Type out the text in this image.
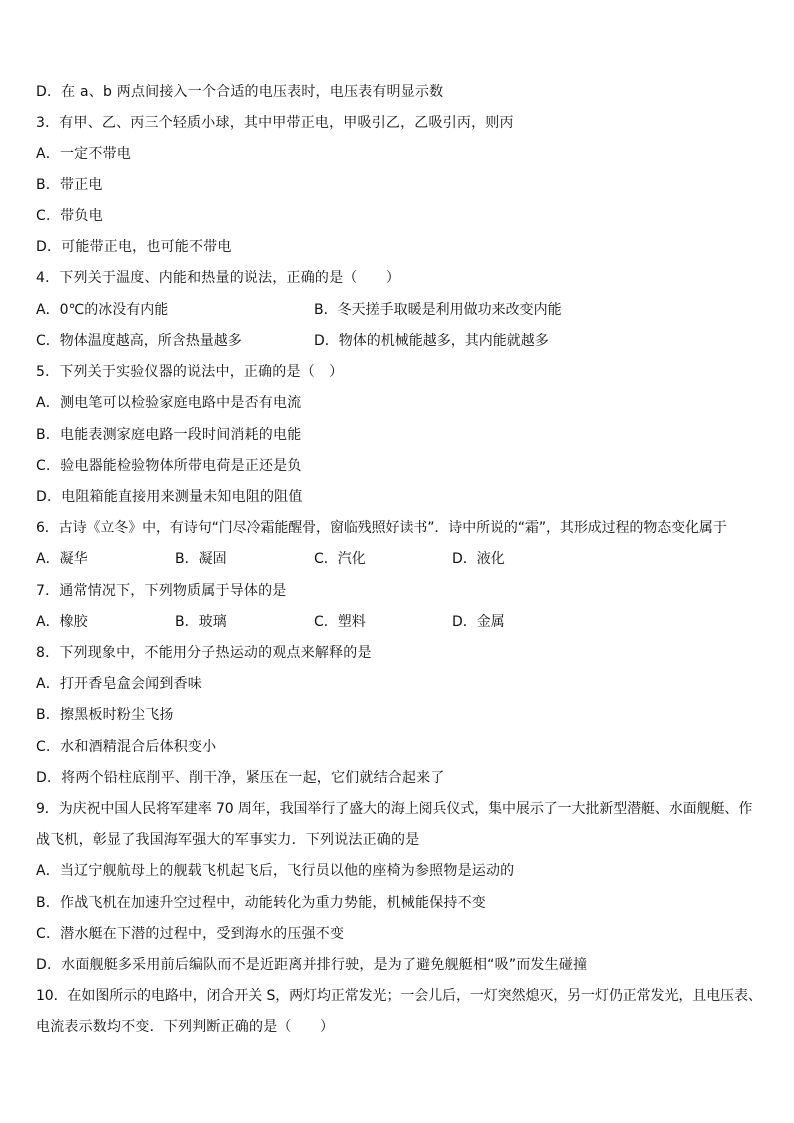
D．在 a、b 两点间接入一个合适的电压表时，电压表有明显示数
3．有甲、乙、丙三个轻质小球，其中甲带正电，甲吸引乙，乙吸引丙，则丙
A．一定不带电
B．带正电
C．带负电
D．可能带正电，也可能不带电
4．下列关于温度、内能和热量的说法，正确的是（　　）
A．0℃的冰没有内能	B．冬天搓手取暖是利用做功来改变内能
C．物体温度越高，所含热量越多	D．物体的机械能越多，其内能就越多
5．下列关于实验仪器的说法中，正确的是（　）
A．测电笔可以检验家庭电路中是否有电流
B．电能表测家庭电路一段时间消耗的电能
C．验电器能检验物体所带电荷是正还是负
D．电阻箱能直接用来测量未知电阻的阻值
6．古诗《立冬》中，有诗句“门尽冷霜能醒骨，窗临残照好读书”．诗中所说的“霜”，其形成过程的物态变化属于
A．凝华	B．凝固	C．汽化	D．液化
7．通常情况下，下列物质属于导体的是
A．橡胶	B．玻璃	C．塑料	D．金属
8．下列现象中，不能用分子热运动的观点来解释的是
A．打开香皂盒会闻到香味
B．擦黑板时粉尘飞扬
C．水和酒精混合后体积变小
D．将两个铅柱底削平、削干净，紧压在一起，它们就结合起来了
9．为庆祝中国人民将军建率 70 周年，我国举行了盛大的海上阅兵仪式，集中展示了一大批新型潜艇、水面舰艇、作
战飞机，彰显了我国海军强大的军事实力．下列说法正确的是
A．当辽宁舰航母上的舰载飞机起飞后，飞行员以他的座椅为参照物是运动的
B．作战飞机在加速升空过程中，动能转化为重力势能，机械能保持不变
C．潜水艇在下潜的过程中，受到海水的压强不变
D．水面舰艇多采用前后编队而不是近距离并排行驶，是为了避免舰艇相“吸”而发生碰撞
10．在如图所示的电路中，闭合开关 S，两灯均正常发光；一会儿后，一灯突然熄灭，另一灯仍正常发光，且电压表、
电流表示数均不变．下列判断正确的是（　　）
